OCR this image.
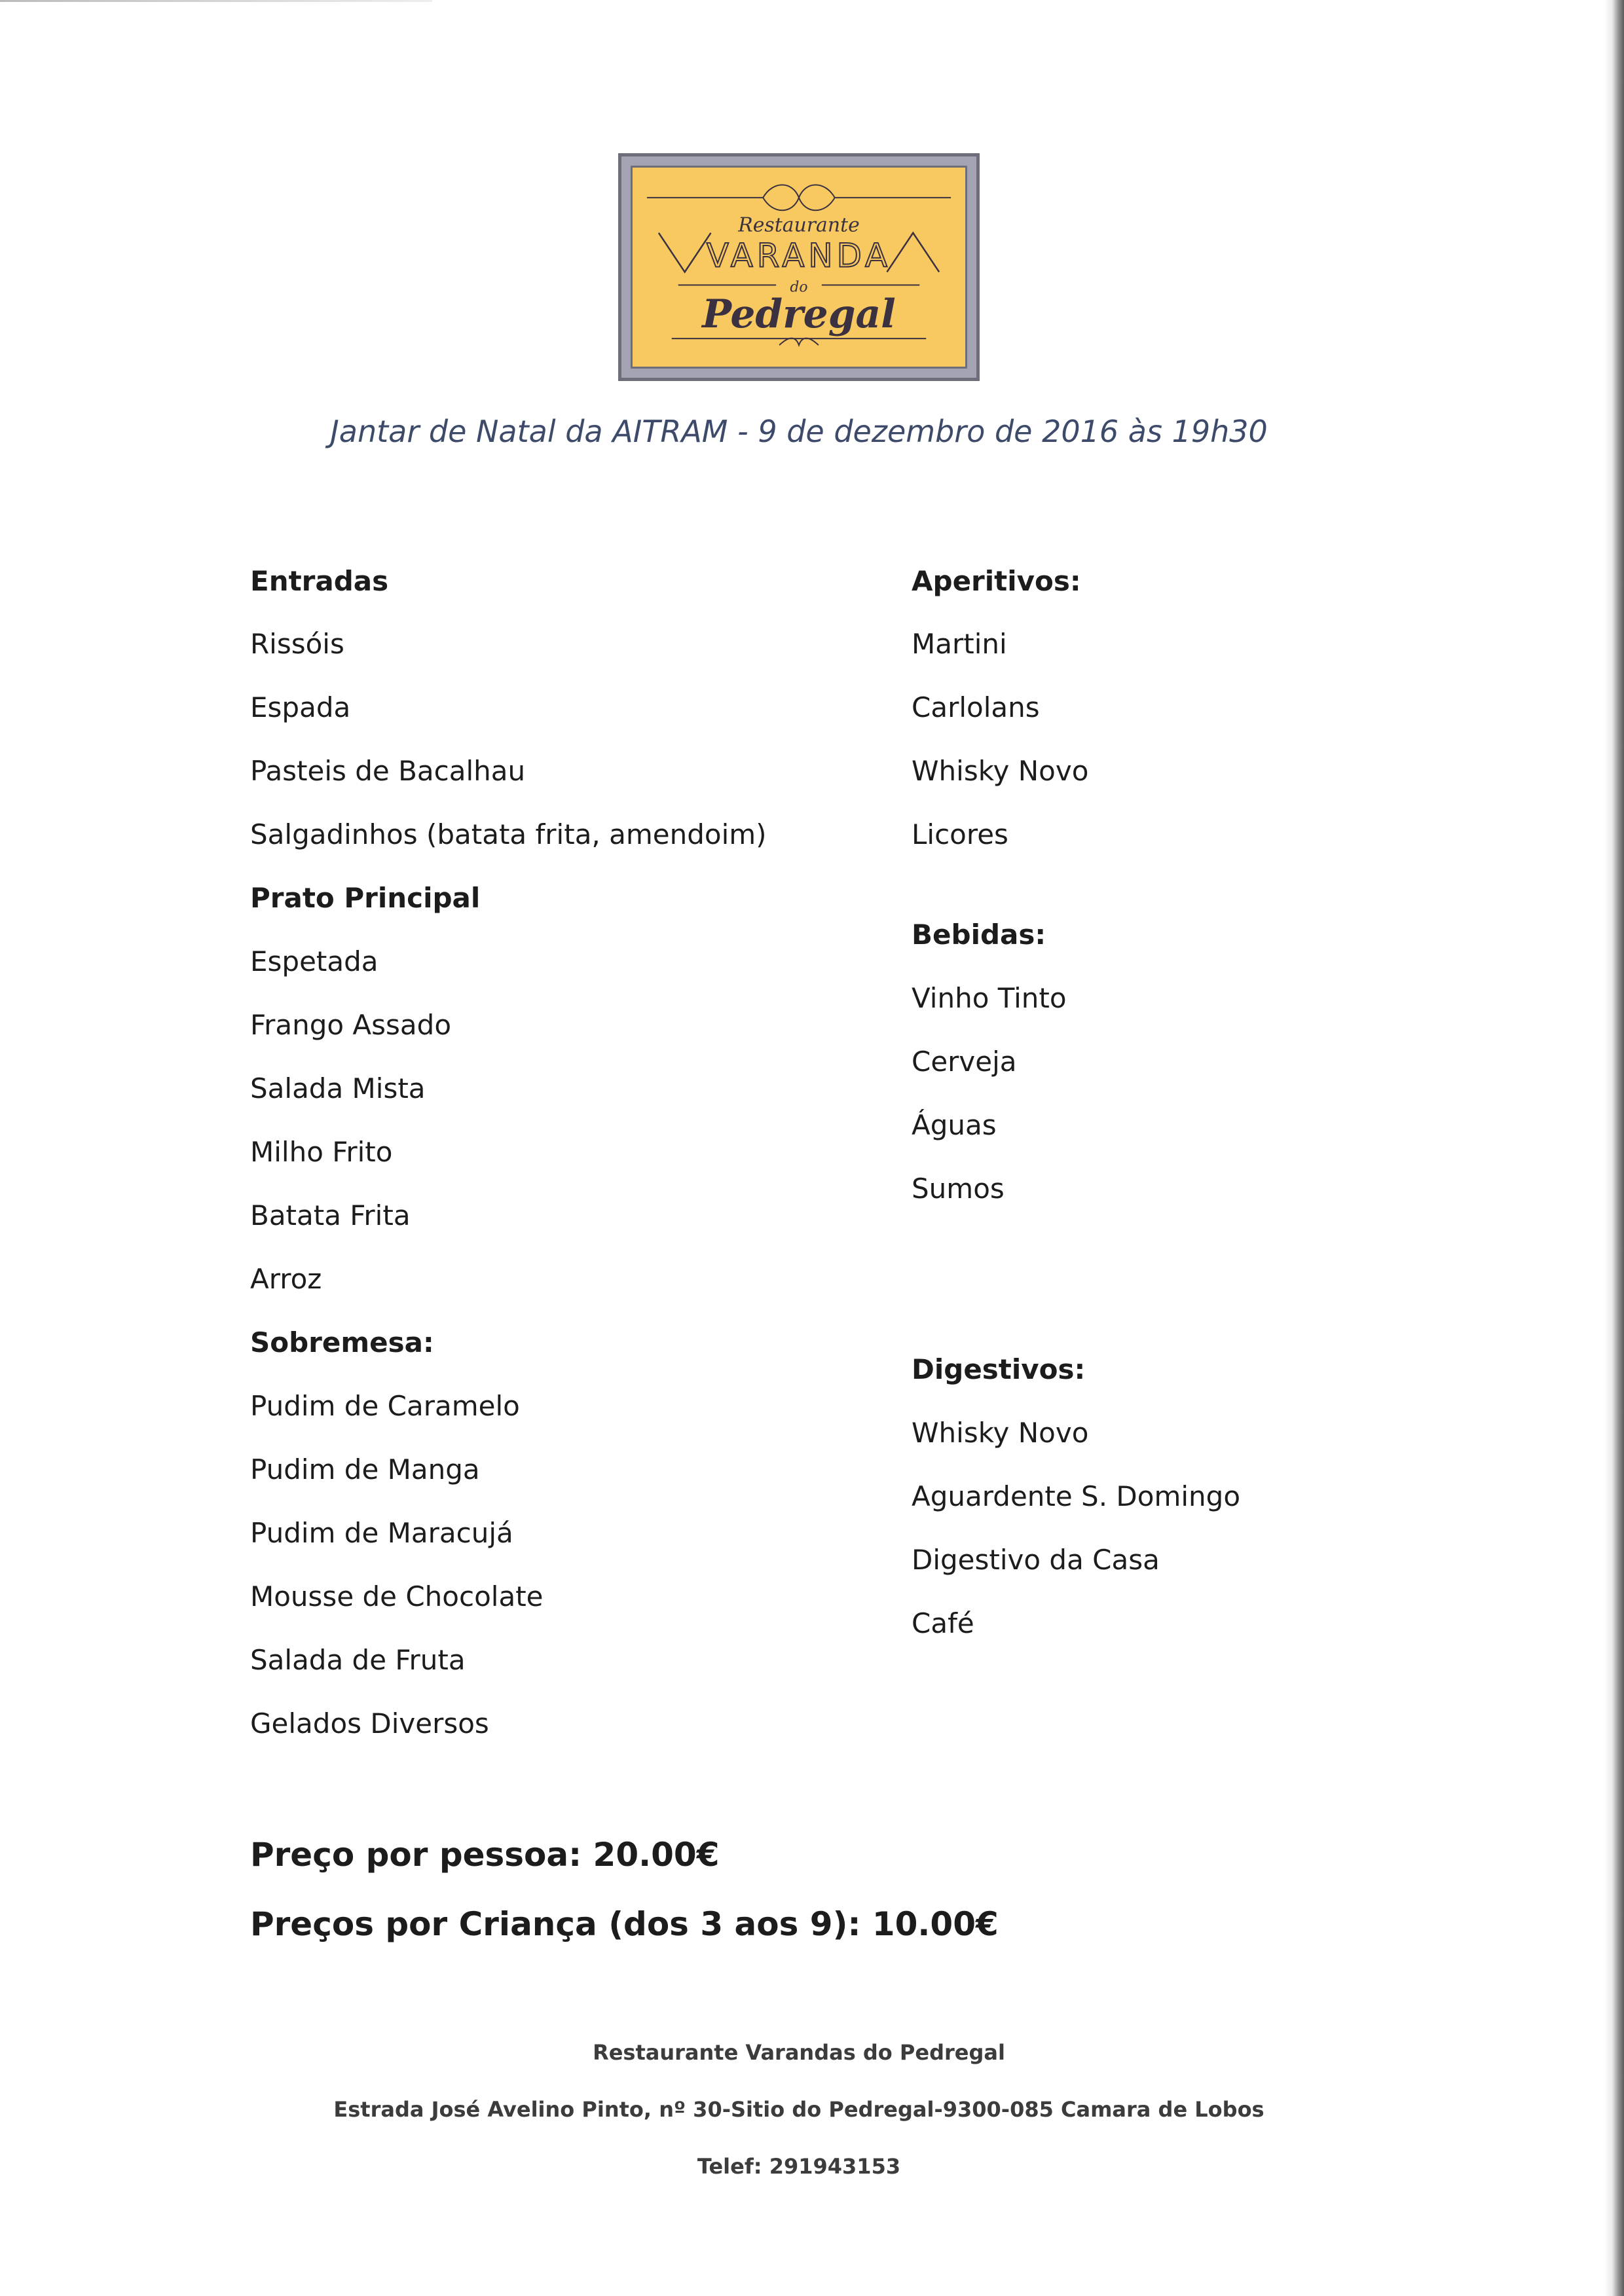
Restaurante
VARANDA
do
Pedregal
Jantar de Natal da AITRAM - 9 de dezembro de 2016 às 19h30
Entradas
Rissóis
Espada
Pasteis de Bacalhau
Salgadinhos (batata frita, amendoim)
Prato Principal
Espetada
Frango Assado
Salada Mista
Milho Frito
Batata Frita
Arroz
Sobremesa:
Pudim de Caramelo
Pudim de Manga
Pudim de Maracujá
Mousse de Chocolate
Salada de Fruta
Gelados Diversos
Aperitivos:
Martini
Carlolans
Whisky Novo
Licores
Bebidas:
Vinho Tinto
Cerveja
Águas
Sumos
Digestivos:
Whisky Novo
Aguardente S. Domingo
Digestivo da Casa
Café
Preço por pessoa: 20.00€
Preços por Criança (dos 3 aos 9): 10.00€
Restaurante Varandas do Pedregal
Estrada José Avelino Pinto, nº 30-Sitio do Pedregal-9300-085 Camara de Lobos
Telef: 291943153
